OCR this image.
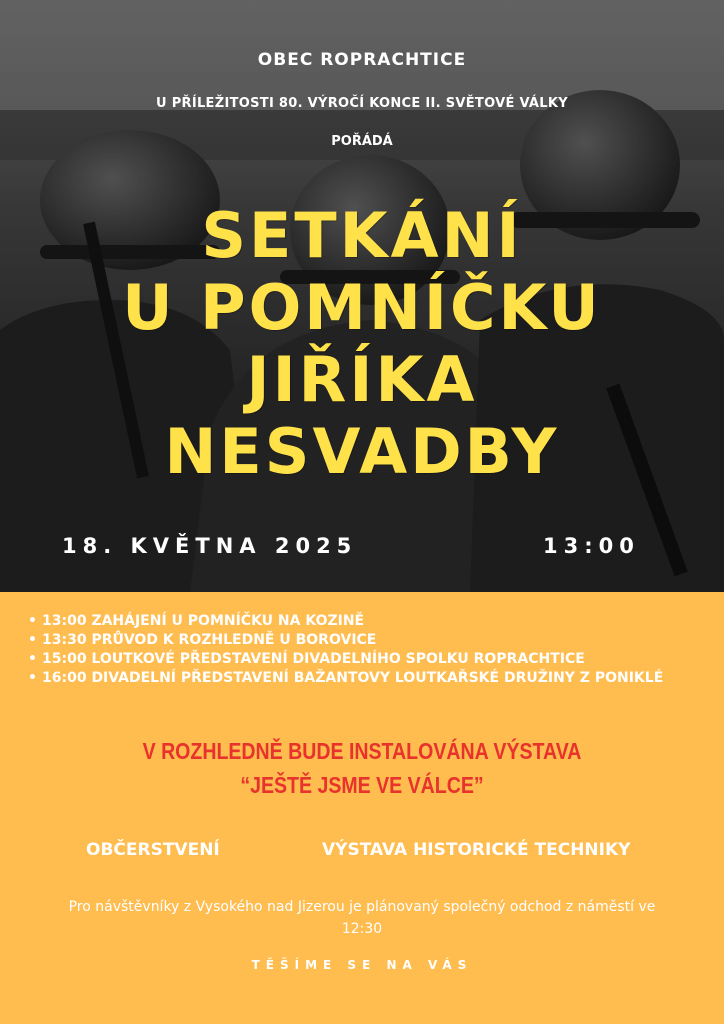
OBEC ROPRACHTICE
U PŘÍLEŽITOSTI 80. VÝROČÍ KONCE II. SVĚTOVÉ VÁLKY
POŘÁDÁ
SETKÁNÍ
U POMNÍČKU
JIŘÍKA
NESVADBY
18. KVĚTNA 2025	13:00
• 13:00 ZAHÁJENÍ U POMNÍČKU NA KOZINĚ
• 13:30 PRŮVOD K ROZHLEDNĚ U BOROVICE
• 15:00 LOUTKOVÉ PŘEDSTAVENÍ DIVADELNÍHO SPOLKU ROPRACHTICE
• 16:00 DIVADELNÍ PŘEDSTAVENÍ BAŽANTOVY LOUTKAŘSKÉ DRUŽINY Z PONIKLÉ
V ROZHLEDNĚ BUDE INSTALOVÁNA VÝSTAVA
“JEŠTĚ JSME VE VÁLCE”
OBČERSTVENÍ	VÝSTAVA HISTORICKÉ TECHNIKY
Pro návštěvníky z Vysokého nad Jizerou je plánovaný společný odchod z náměstí ve 12:30
TĚŠÍME SE NA VÁS
